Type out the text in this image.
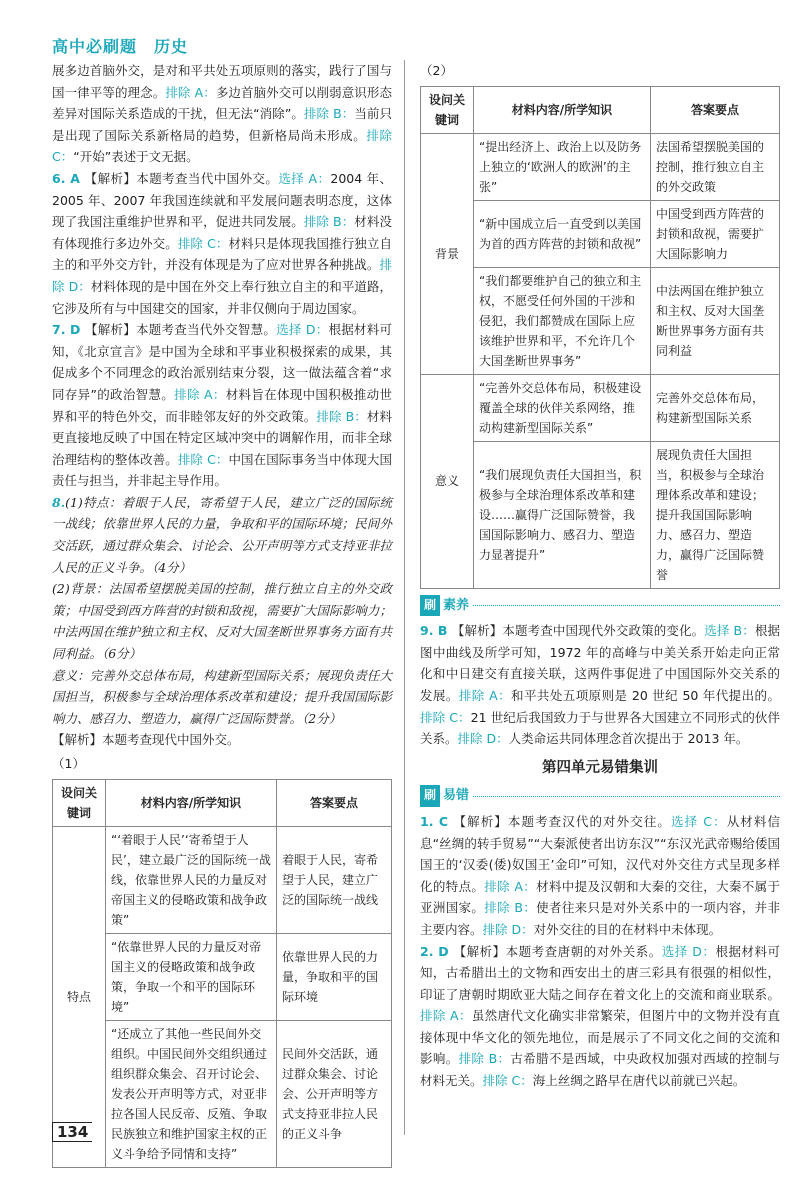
高中必刷题　历史

展多边首脑外交，是对和平共处五项原则的落实，践行了国与国一律平等的理念。排除 A：多边首脑外交可以削弱意识形态差异对国际关系造成的干扰，但无法“消除”。排除 B：当前只是出现了国际关系新格局的趋势，但新格局尚未形成。排除 C：“开始”表述于文无据。

6. A 【解析】本题考查当代中国外交。选择 A：2004 年、2005 年、2007 年我国连续就和平发展问题表明态度，这体现了我国注重维护世界和平，促进共同发展。排除 B：材料没有体现推行多边外交。排除 C：材料只是体现我国推行独立自主的和平外交方针，并没有体现是为了应对世界各种挑战。排除 D：材料体现的是中国在外交上奉行独立自主的和平道路，它涉及所有与中国建交的国家，并非仅侧向于周边国家。

7. D 【解析】本题考查当代外交智慧。选择 D：根据材料可知，《北京宣言》是中国为全球和平事业积极探索的成果，其促成多个不同理念的政治派别结束分裂，这一做法蕴含着“求同存异”的政治智慧。排除 A：材料旨在体现中国积极推动世界和平的特色外交，而非睦邻友好的外交政策。排除 B：材料更直接地反映了中国在特定区域冲突中的调解作用，而非全球治理结构的整体改善。排除 C：中国在国际事务当中体现大国责任与担当，并非起主导作用。

8.(1)特点：着眼于人民，寄希望于人民，建立广泛的国际统一战线；依靠世界人民的力量，争取和平的国际环境；民间外交活跃，通过群众集会、讨论会、公开声明等方式支持亚非拉人民的正义斗争。（4分）

(2)背景：法国希望摆脱美国的控制，推行独立自主的外交政策；中国受到西方阵营的封锁和敌视，需要扩大国际影响力；中法两国在维护独立和主权、反对大国垄断世界事务方面有共同利益。（6分）

意义：完善外交总体布局，构建新型国际关系；展现负责任大国担当，积极参与全球治理体系改革和建设；提升我国国际影响力、感召力、塑造力，赢得广泛国际赞誉。（2分）

【解析】本题考查现代中国外交。

（1）

设问关键词	材料内容/所学知识	答案要点
特点	“‘着眼于人民’‘寄希望于人民’，建立最广泛的国际统一战线，依靠世界人民的力量反对帝国主义的侵略政策和战争政策”	着眼于人民，寄希望于人民，建立广泛的国际统一战线
	“依靠世界人民的力量反对帝国主义的侵略政策和战争政策，争取一个和平的国际环境”	依靠世界人民的力量，争取和平的国际环境
	“还成立了其他一些民间外交组织。中国民间外交组织通过组织群众集会、召开讨论会、发表公开声明等方式，对亚非拉各国人民反帝、反殖、争取民族独立和维护国家主权的正义斗争给予同情和支持”	民间外交活跃，通过群众集会、讨论会、公开声明等方式支持亚非拉人民的正义斗争

（2）

设问关键词	材料内容/所学知识	答案要点
背景	“提出经济上、政治上以及防务上独立的‘欧洲人的欧洲’的主张”	法国希望摆脱美国的控制，推行独立自主的外交政策
	“新中国成立后一直受到以美国为首的西方阵营的封锁和敌视”	中国受到西方阵营的封锁和敌视，需要扩大国际影响力
	“我们都要维护自己的独立和主权，不愿受任何外国的干涉和侵犯，我们都赞成在国际上应该维护世界和平，不允许几个大国垄断世界事务”	中法两国在维护独立和主权、反对大国垄断世界事务方面有共同利益
意义	“完善外交总体布局，积极建设覆盖全球的伙伴关系网络，推动构建新型国际关系”	完善外交总体布局，构建新型国际关系
	“我们展现负责任大国担当，积极参与全球治理体系改革和建设……赢得广泛国际赞誉，我国国际影响力、感召力、塑造力显著提升”	展现负责任大国担当，积极参与全球治理体系改革和建设；提升我国国际影响力、感召力、塑造力，赢得广泛国际赞誉
刷 素养

9. B 【解析】本题考查中国现代外交政策的变化。选择 B：根据图中曲线及所学可知，1972 年的高峰与中美关系开始走向正常化和中日建交有直接关联，这两件事促进了中国国际外交关系的发展。排除 A：和平共处五项原则是 20 世纪 50 年代提出的。排除 C：21 世纪后我国致力于与世界各大国建立不同形式的伙伴关系。排除 D：人类命运共同体理念首次提出于 2013 年。

第四单元易错集训
刷 易错

1. C 【解析】本题考查汉代的对外交往。选择 C：从材料信息“丝绸的转手贸易”“大秦派使者出访东汉”“东汉光武帝赐给倭国国王的‘汉委(倭)奴国王’金印”可知，汉代对外交往方式呈现多样化的特点。排除 A：材料中提及汉朝和大秦的交往，大秦不属于亚洲国家。排除 B：使者往来只是对外关系中的一项内容，并非主要内容。排除 D：对外交往的目的在材料中未体现。

2. D 【解析】本题考查唐朝的对外关系。选择 D：根据材料可知，古希腊出土的文物和西安出土的唐三彩具有很强的相似性，印证了唐朝时期欧亚大陆之间存在着文化上的交流和商业联系。排除 A：虽然唐代文化确实非常繁荣，但图片中的文物并没有直接体现中华文化的领先地位，而是展示了不同文化之间的交流和影响。排除 B：古希腊不是西域，中央政权加强对西域的控制与材料无关。排除 C：海上丝绸之路早在唐代以前就已兴起。

134
